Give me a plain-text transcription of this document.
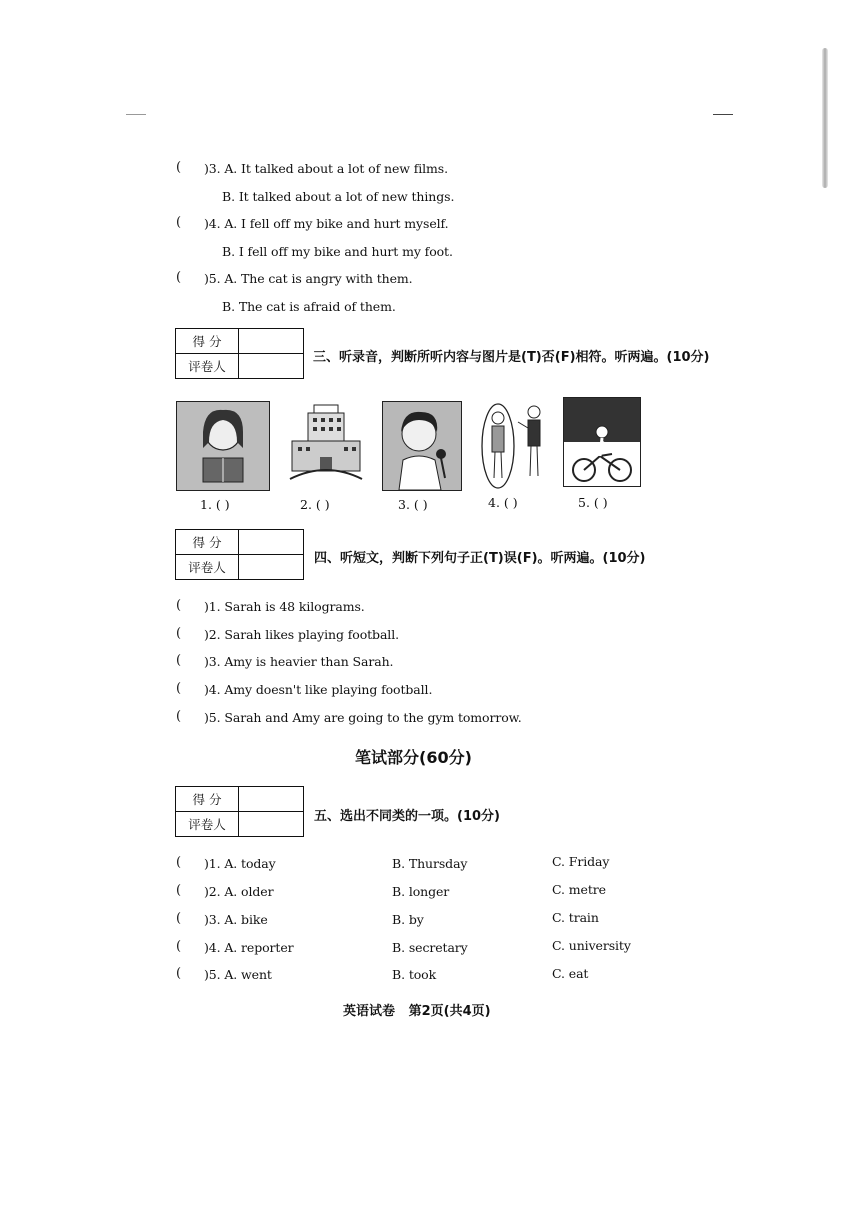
( )3. A. It talked about a lot of new films.
B. It talked about a lot of new things.
( )4. A. I fell off my bike and hurt myself.
B. I fell off my bike and hurt my foot.
( )5. A. The cat is angry with them.
B. The cat is afraid of them.
得 分	
评卷人	
三、听录音，判断所听内容与图片是(T)否(F)相符。听两遍。(10分)
1. ( )	2. ( )	3. ( )	4. ( )	5. ( )
得 分	
评卷人	
四、听短文，判断下列句子正(T)误(F)。听两遍。(10分)
( )1. Sarah is 48 kilograms.
( )2. Sarah likes playing football.
( )3. Amy is heavier than Sarah.
( )4. Amy doesn't like playing football.
( )5. Sarah and Amy are going to the gym tomorrow.
笔试部分(60分)
得 分	
评卷人	
五、选出不同类的一项。(10分)
( )1. A. today	B. Thursday	C. Friday
( )2. A. older	B. longer	C. metre
( )3. A. bike	B. by	C. train
( )4. A. reporter	B. secretary	C. university
( )5. A. went	B. took	C. eat
英语试卷   第2页(共4页)
